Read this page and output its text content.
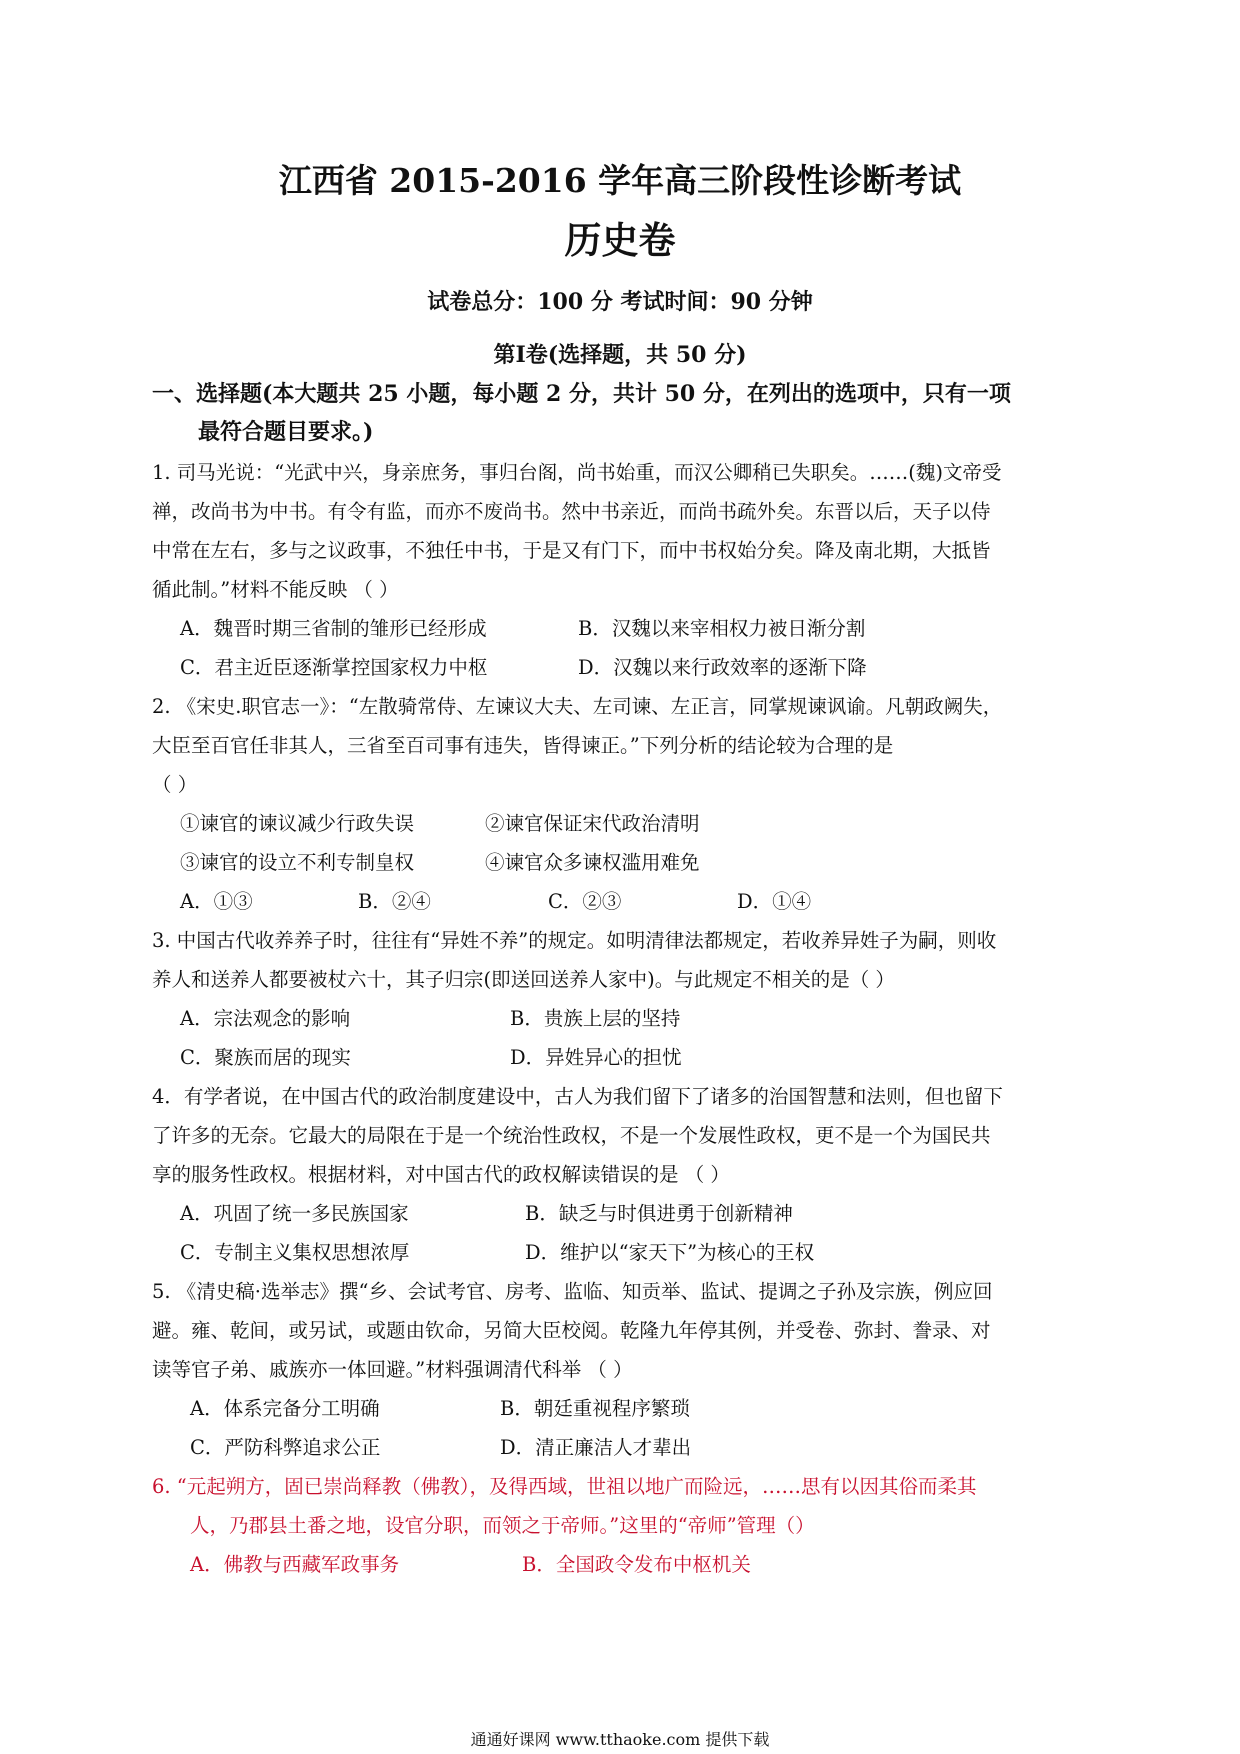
江西省 2015-2016 学年高三阶段性诊断考试
历史卷
试卷总分：100 分 考试时间：90 分钟
第Ⅰ卷(选择题，共 50 分)
一、选择题(本大题共 25 小题，每小题 2 分，共计 50 分，在列出的选项中，只有一项
最符合题目要求。)
1. 司马光说：“光武中兴，身亲庶务，事归台阁，尚书始重，而汉公卿稍已失职矣。……(魏)文帝受
禅，改尚书为中书。有令有监，而亦不废尚书。然中书亲近，而尚书疏外矣。东晋以后，天子以侍
中常在左右，多与之议政事，不独任中书，于是又有门下，而中书权始分矣。降及南北期，大抵皆
循此制。”材料不能反映 （ ）
A．魏晋时期三省制的雏形已经形成	B．汉魏以来宰相权力被日渐分割
C．君主近臣逐渐掌控国家权力中枢	D．汉魏以来行政效率的逐渐下降
2. 《宋史.职官志一》：“左散骑常侍、左谏议大夫、左司谏、左正言，同掌规谏讽谕。凡朝政阙失，
大臣至百官任非其人，三省至百司事有违失，皆得谏正。”下列分析的结论较为合理的是
（ ）
①谏官的谏议减少行政失误	②谏官保证宋代政治清明
③谏官的设立不利专制皇权	④谏官众多谏权滥用难免
A．①③	B．②④	C．②③	D．①④
3. 中国古代收养养子时，往往有“异姓不养”的规定。如明清律法都规定，若收养异姓子为嗣，则收
养人和送养人都要被杖六十，其子归宗(即送回送养人家中)。与此规定不相关的是（ ）
A．宗法观念的影响	B．贵族上层的坚持
C．聚族而居的现实	D．异姓异心的担忧
4．有学者说，在中国古代的政治制度建设中，古人为我们留下了诸多的治国智慧和法则，但也留下
了许多的无奈。它最大的局限在于是一个统治性政权，不是一个发展性政权，更不是一个为国民共
享的服务性政权。根据材料，对中国古代的政权解读错误的是 （ ）
A．巩固了统一多民族国家	B．缺乏与时俱进勇于创新精神
C．专制主义集权思想浓厚	D．维护以“家天下”为核心的王权
5. 《清史稿·选举志》撰“乡、会试考官、房考、监临、知贡举、监试、提调之子孙及宗族，例应回
避。雍、乾间，或另试，或题由钦命，另简大臣校阅。乾隆九年停其例，并受卷、弥封、誊录、对
读等官子弟、戚族亦一体回避。”材料强调清代科举 （ ）
A．体系完备分工明确	B．朝廷重视程序繁琐
C．严防科弊追求公正	D．清正廉洁人才辈出
6. “元起朔方，固已崇尚释教（佛教），及得西域，世祖以地广而险远，……思有以因其俗而柔其
人，乃郡县土番之地，设官分职，而领之于帝师。”这里的“帝师”管理（）
A．佛教与西藏军政事务	B．全国政令发布中枢机关
通通好课网 www.tthaoke.com 提供下载
